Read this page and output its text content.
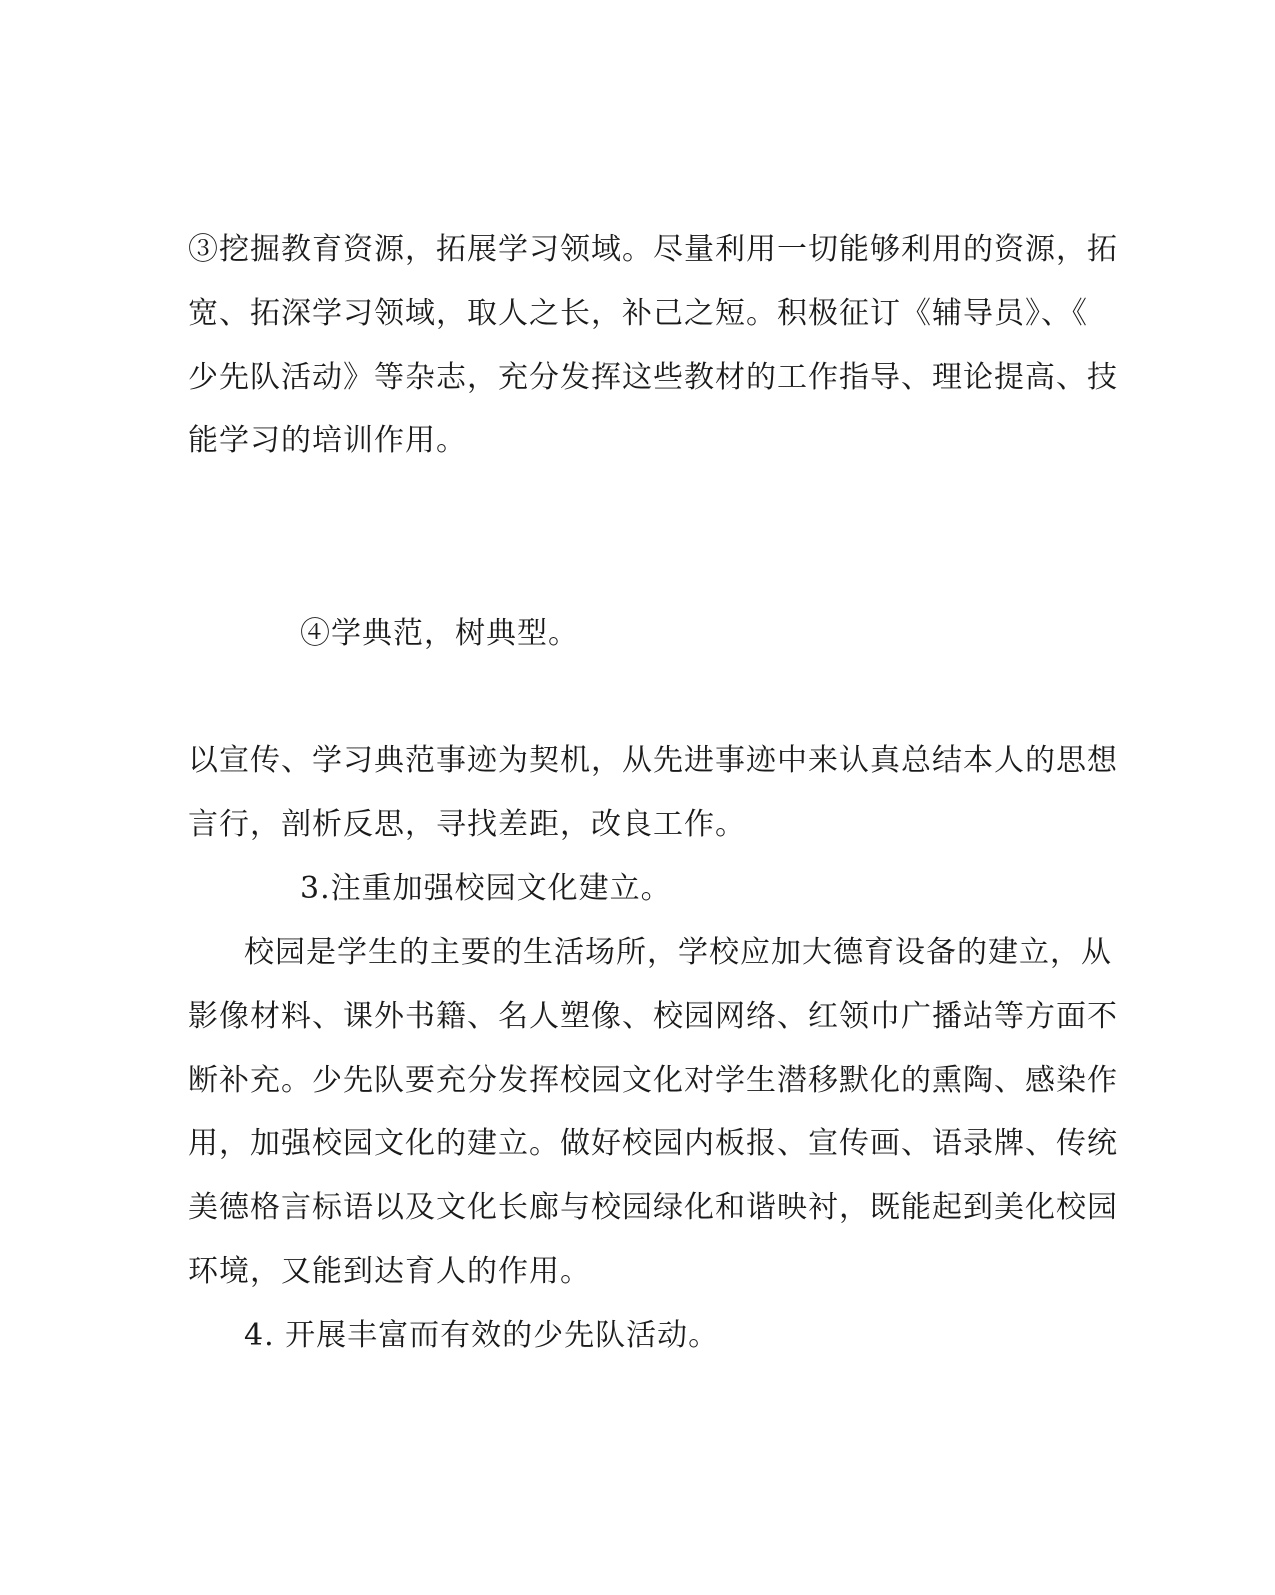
③挖掘教育资源，拓展学习领域。尽量利用一切能够利用的资源，拓
宽、拓深学习领域，取人之长，补己之短。积极征订《辅导员》、《
少先队活动》等杂志，充分发挥这些教材的工作指导、理论提高、技
能学习的培训作用。
④学典范，树典型。
以宣传、学习典范事迹为契机，从先进事迹中来认真总结本人的思想
言行，剖析反思，寻找差距，改良工作。
3.注重加强校园文化建立。
校园是学生的主要的生活场所，学校应加大德育设备的建立，从
影像材料、课外书籍、名人塑像、校园网络、红领巾广播站等方面不
断补充。少先队要充分发挥校园文化对学生潜移默化的熏陶、感染作
用，加强校园文化的建立。做好校园内板报、宣传画、语录牌、传统
美德格言标语以及文化长廊与校园绿化和谐映衬，既能起到美化校园
环境，又能到达育人的作用。
4. 开展丰富而有效的少先队活动。
